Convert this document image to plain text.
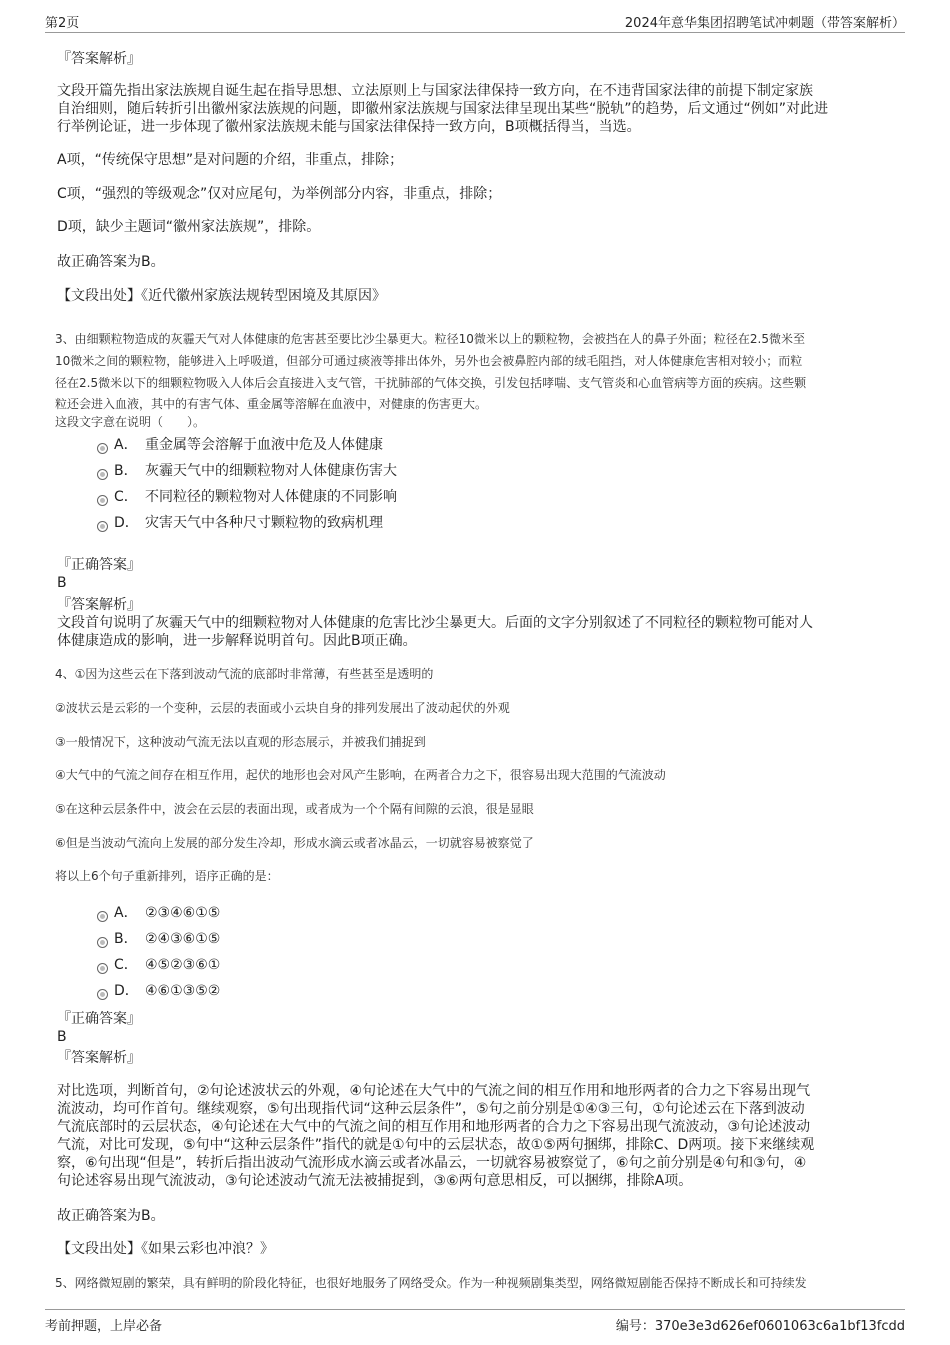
第2页	2024年意华集团招聘笔试冲刺题（带答案解析）

『答案解析』

文段开篇先指出家法族规自诞生起在指导思想、立法原则上与国家法律保持一致方向，在不违背国家法律的前提下制定家族

自治细则，随后转折引出徽州家法族规的问题，即徽州家法族规与国家法律呈现出某些“脱轨”的趋势，后文通过“例如”对此进

行举例论证，进一步体现了徽州家法族规未能与国家法律保持一致方向，B项概括得当，当选。

A项，“传统保守思想”是对问题的介绍，非重点，排除；

C项，“强烈的等级观念”仅对应尾句，为举例部分内容，非重点，排除；

D项，缺少主题词“徽州家法族规”，排除。

故正确答案为B。

【文段出处】《近代徽州家族法规转型困境及其原因》

3、由细颗粒物造成的灰霾天气对人体健康的危害甚至要比沙尘暴更大。粒径10微米以上的颗粒物，会被挡在人的鼻子外面；粒径在2.5微米至

10微米之间的颗粒物，能够进入上呼吸道，但部分可通过痰液等排出体外，另外也会被鼻腔内部的绒毛阻挡，对人体健康危害相对较小；而粒

径在2.5微米以下的细颗粒物吸入人体后会直接进入支气管，干扰肺部的气体交换，引发包括哮喘、支气管炎和心血管病等方面的疾病。这些颗

粒还会进入血液，其中的有害气体、重金属等溶解在血液中，对健康的伤害更大。

这段文字意在说明（　　）。

A． 重金属等会溶解于血液中危及人体健康
B． 灰霾天气中的细颗粒物对人体健康伤害大
C． 不同粒径的颗粒物对人体健康的不同影响
D． 灾害天气中各种尺寸颗粒物的致病机理

『正确答案』

B

『答案解析』

文段首句说明了灰霾天气中的细颗粒物对人体健康的危害比沙尘暴更大。后面的文字分别叙述了不同粒径的颗粒物可能对人

体健康造成的影响，进一步解释说明首句。因此B项正确。

4、①因为这些云在下落到波动气流的底部时非常薄，有些甚至是透明的

②波状云是云彩的一个变种，云层的表面或小云块自身的排列发展出了波动起伏的外观

③一般情况下，这种波动气流无法以直观的形态展示，并被我们捕捉到

④大气中的气流之间存在相互作用，起伏的地形也会对风产生影响，在两者合力之下，很容易出现大范围的气流波动

⑤在这种云层条件中，波会在云层的表面出现，或者成为一个个隔有间隙的云浪，很是显眼

⑥但是当波动气流向上发展的部分发生冷却，形成水滴云或者冰晶云，一切就容易被察觉了

将以上6个句子重新排列，语序正确的是：

A． ②③④⑥①⑤
B． ②④③⑥①⑤
C． ④⑤②③⑥①
D． ④⑥①③⑤②

『正确答案』

B

『答案解析』

对比选项，判断首句，②句论述波状云的外观，④句论述在大气中的气流之间的相互作用和地形两者的合力之下容易出现气

流波动，均可作首句。继续观察，⑤句出现指代词“这种云层条件”，⑤句之前分别是①④③三句，①句论述云在下落到波动

气流底部时的云层状态，④句论述在大气中的气流之间的相互作用和地形两者的合力之下容易出现气流波动，③句论述波动

气流，对比可发现，⑤句中“这种云层条件”指代的就是①句中的云层状态，故①⑤两句捆绑，排除C、D两项。接下来继续观

察，⑥句出现“但是”，转折后指出波动气流形成水滴云或者冰晶云，一切就容易被察觉了，⑥句之前分别是④句和③句，④

句论述容易出现气流波动，③句论述波动气流无法被捕捉到，③⑥两句意思相反，可以捆绑，排除A项。

故正确答案为B。

【文段出处】《如果云彩也冲浪？》

5、网络微短剧的繁荣，具有鲜明的阶段化特征，也很好地服务了网络受众。作为一种视频剧集类型，网络微短剧能否保持不断成长和可持续发

考前押题，上岸必备	编号：370e3e3d626ef0601063c6a1bf13fcdd
